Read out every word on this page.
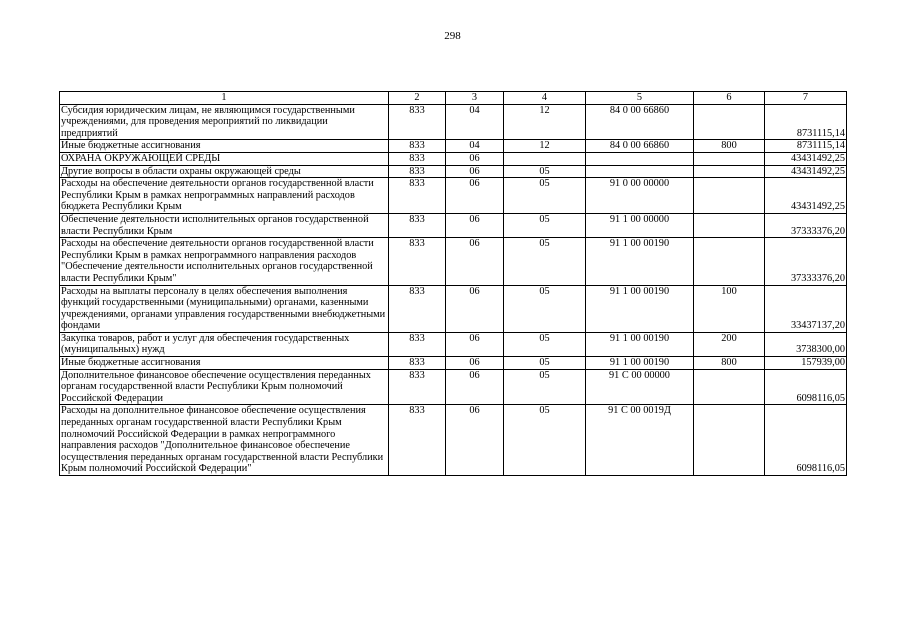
298
1	2	3	4	5	6	7
Субсидия юридическим лицам, не являющимся государственными учреждениями, для проведения мероприятий по ликвидации предприятий	833	04	12	84 0 00 66860		8731115,14
Иные бюджетные ассигнования	833	04	12	84 0 00 66860	800	8731115,14
ОХРАНА ОКРУЖАЮЩЕЙ СРЕДЫ	833	06				43431492,25
Другие вопросы в области охраны окружающей среды	833	06	05			43431492,25
Расходы на обеспечение деятельности органов государственной власти Республики Крым в рамках непрограммных направлений расходов бюджета Республики Крым	833	06	05	91 0 00 00000		43431492,25
Обеспечение деятельности исполнительных органов государственной власти Республики Крым	833	06	05	91 1 00 00000		37333376,20
Расходы на обеспечение деятельности органов государственной власти Республики Крым в рамках непрограммного направления расходов "Обеспечение деятельности исполнительных органов государственной власти Республики Крым"	833	06	05	91 1 00 00190		37333376,20
Расходы на выплаты персоналу в целях обеспечения выполнения функций государственными (муниципальными) органами, казенными учреждениями, органами управления государственными внебюджетными фондами	833	06	05	91 1 00 00190	100	33437137,20
Закупка товаров, работ и услуг для обеспечения государственных (муниципальных) нужд	833	06	05	91 1 00 00190	200	3738300,00
Иные бюджетные ассигнования	833	06	05	91 1 00 00190	800	157939,00
Дополнительное финансовое обеспечение осуществления переданных органам государственной власти Республики Крым полномочий Российской Федерации	833	06	05	91 С 00 00000		6098116,05
Расходы на дополнительное финансовое обеспечение осуществления переданных органам государственной власти Республики Крым полномочий Российской Федерации в рамках непрограммного направления расходов "Дополнительное финансовое обеспечение осуществления переданных органам государственной власти Республики Крым полномочий Российской Федерации"	833	06	05	91 С 00 0019Д		6098116,05
